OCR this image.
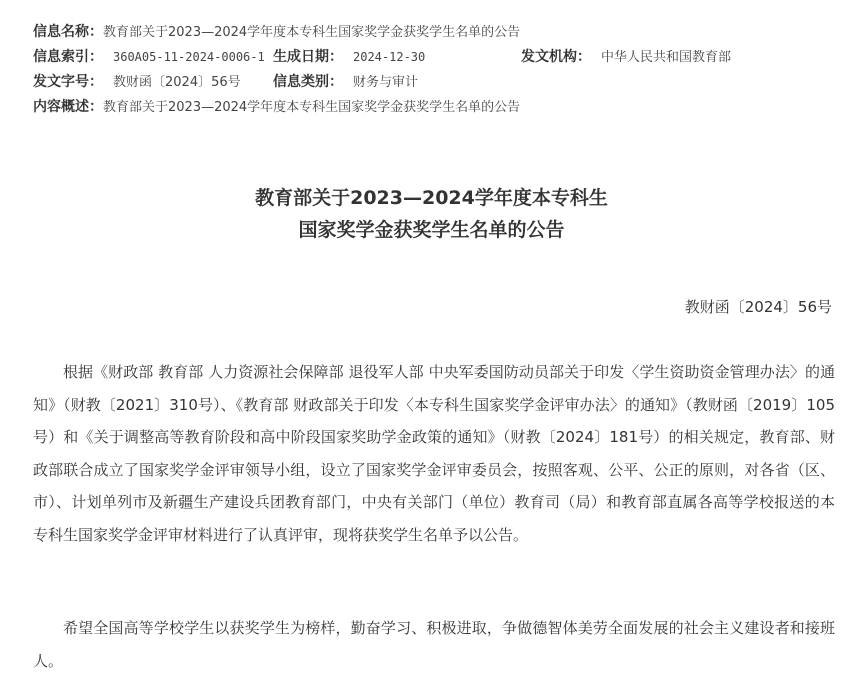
信息名称：教育部关于2023—2024学年度本专科生国家奖学金获奖学生名单的公告
信息索引： 360A05-11-2024-0006-1 生成日期： 2024-12-30	发文机构： 中华人民共和国教育部
发文字号： 教财函〔2024〕56号 信息类别： 财务与审计
内容概述：教育部关于2023—2024学年度本专科生国家奖学金获奖学生名单的公告
教育部关于2023—2024学年度本专科生
国家奖学金获奖学生名单的公告
教财函〔2024〕56号

根据《财政部 教育部 人力资源社会保障部 退役军人部 中央军委国防动员部关于印发〈学生资助资金管理办法〉的通知》（财教〔2021〕310号）、《教育部 财政部关于印发〈本专科生国家奖学金评审办法〉的通知》（教财函〔2019〕105号）和《关于调整高等教育阶段和高中阶段国家奖助学金政策的通知》（财教〔2024〕181号）的相关规定，教育部、财政部联合成立了国家奖学金评审领导小组，设立了国家奖学金评审委员会，按照客观、公平、公正的原则，对各省（区、市）、计划单列市及新疆生产建设兵团教育部门，中央有关部门（单位）教育司（局）和教育部直属各高等学校报送的本专科生国家奖学金评审材料进行了认真评审，现将获奖学生名单予以公告。

希望全国高等学校学生以获奖学生为榜样，勤奋学习、积极进取，争做德智体美劳全面发展的社会主义建设者和接班人。
